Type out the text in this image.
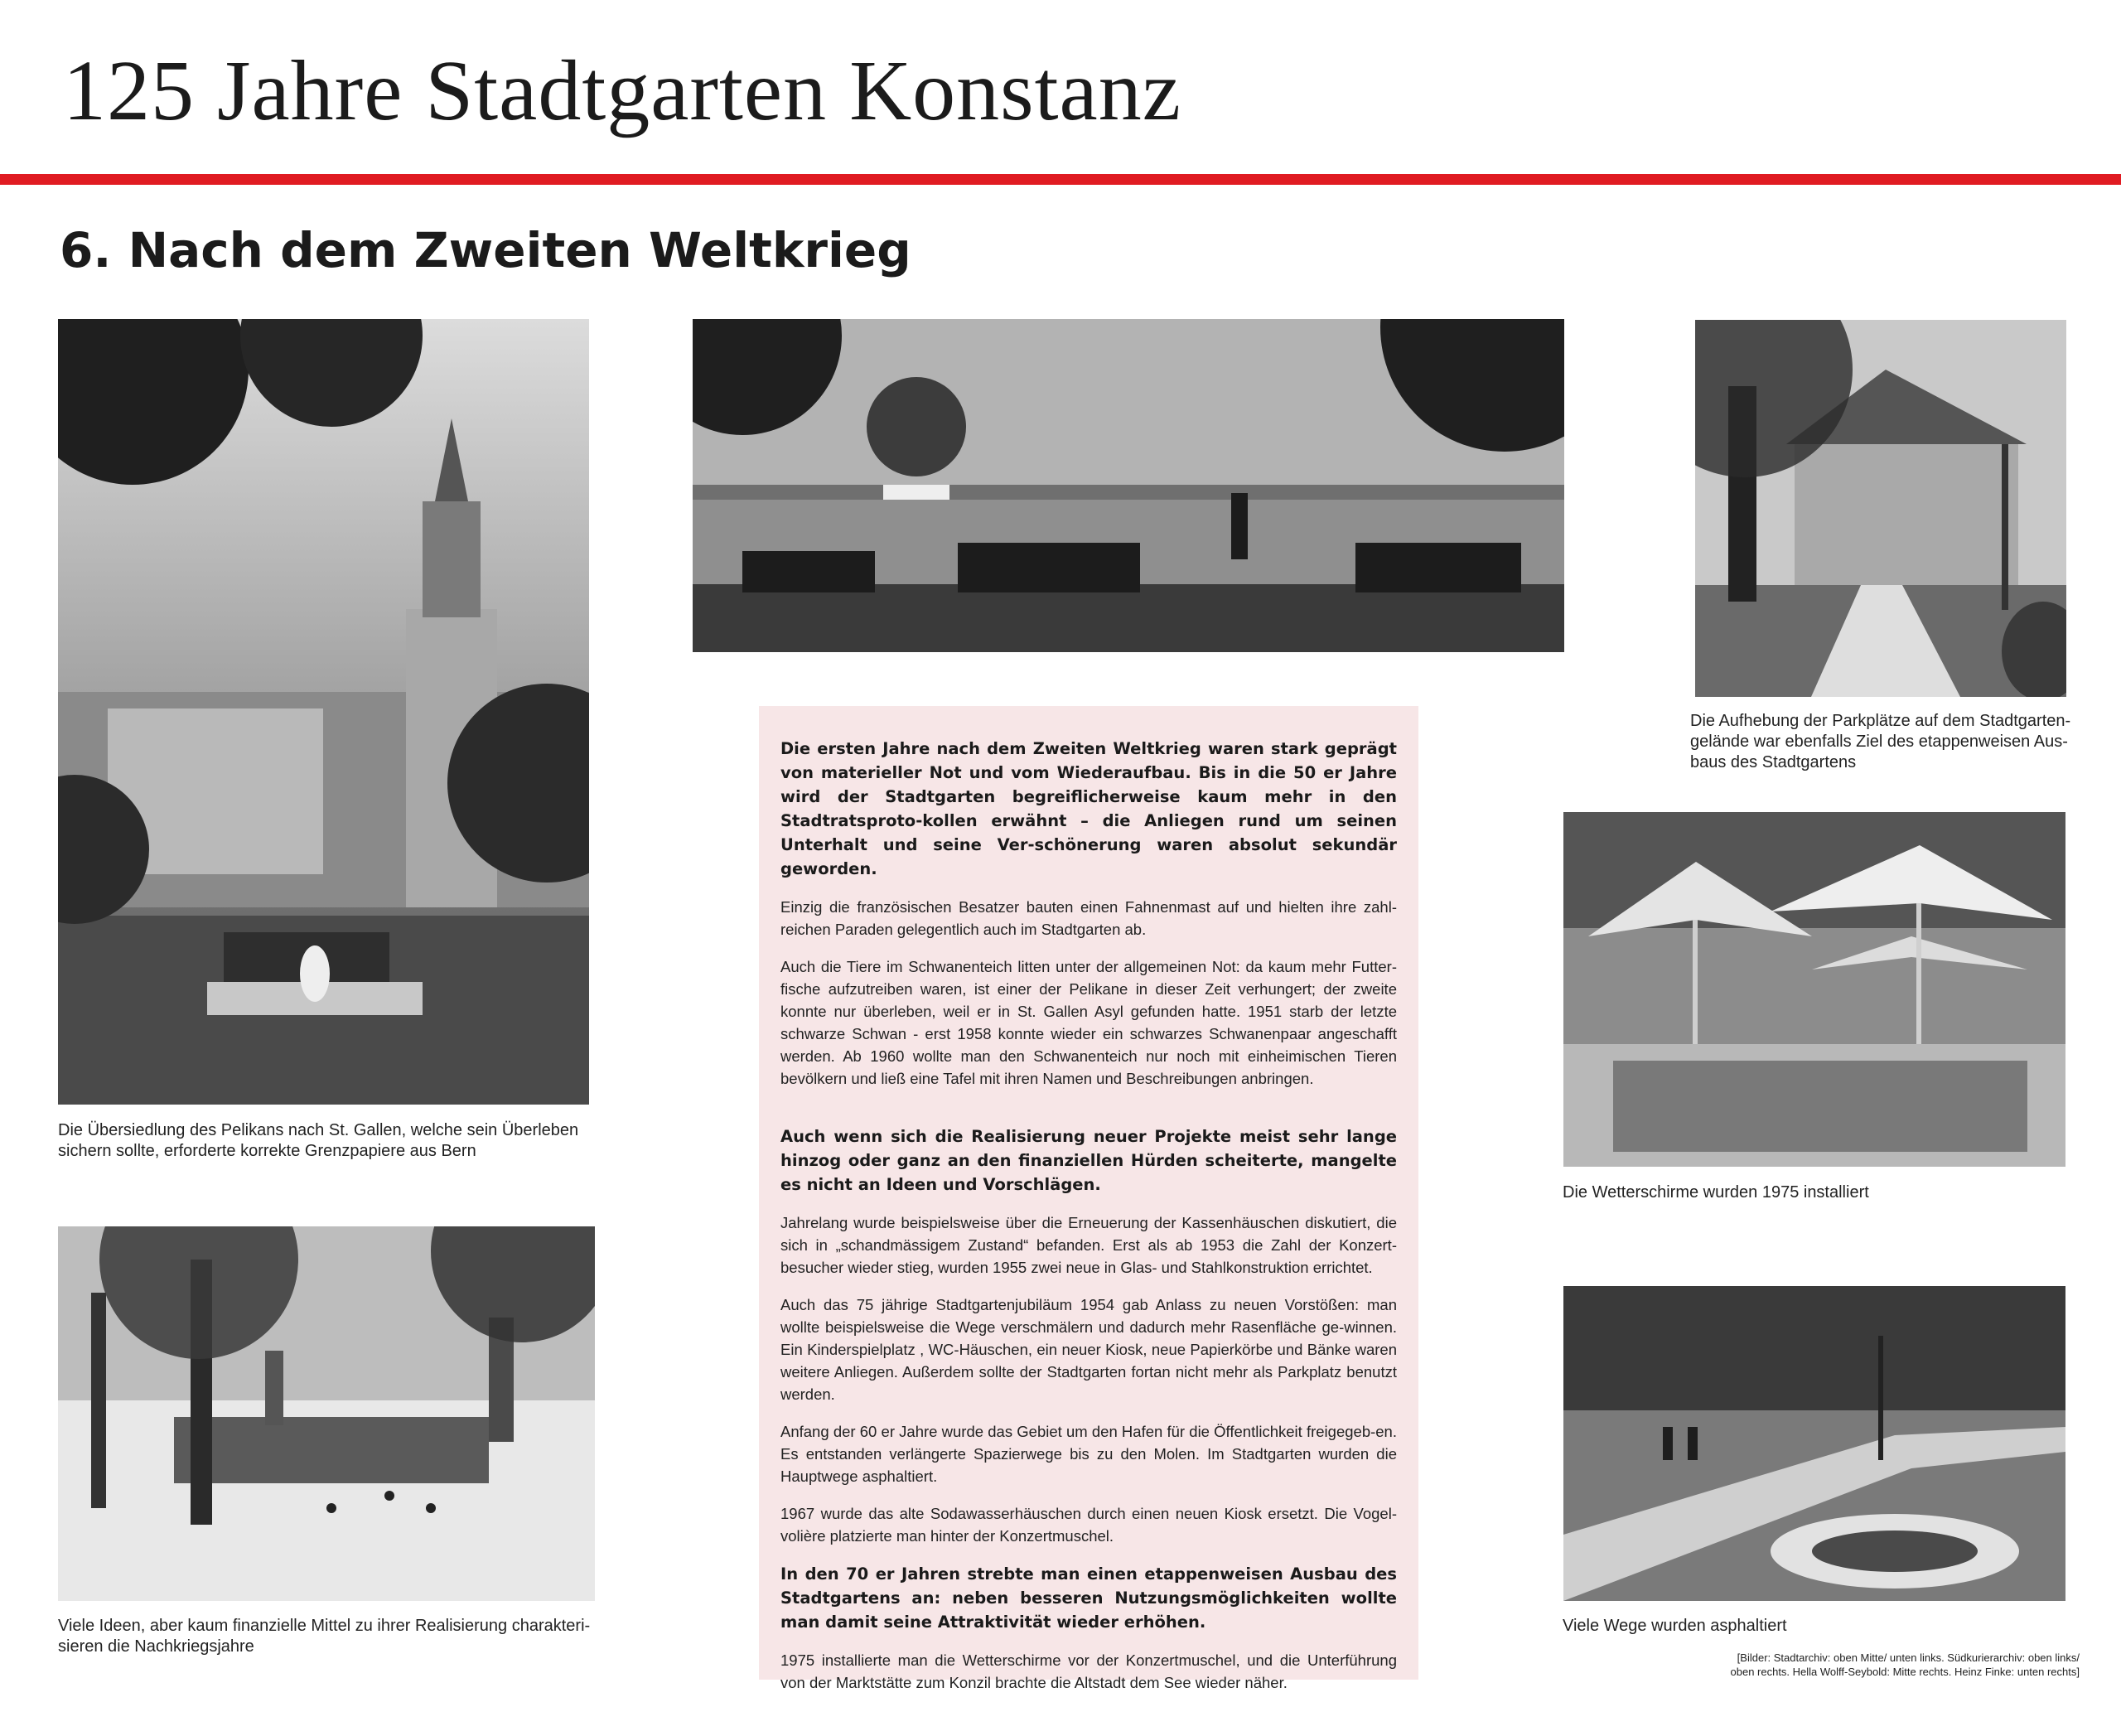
125 Jahre Stadtgarten Konstanz
6. Nach dem Zweiten Weltkrieg
Die Übersiedlung des Pelikans nach St. Gallen, welche sein Überleben sichern sollte, erforderte korrekte Grenzpapiere aus Bern
Viele Ideen, aber kaum finanzielle Mittel zu ihrer Realisierung charakteri-sieren die Nachkriegsjahre
Die Aufhebung der Parkplätze auf dem Stadtgarten-gelände war ebenfalls Ziel des etappenweisen Aus-baus des Stadtgartens
Die Wetterschirme wurden 1975 installiert
Viele Wege wurden asphaltiert

Die ersten Jahre nach dem Zweiten Weltkrieg waren stark geprägt von materieller Not und vom Wiederaufbau. Bis in die 50 er Jahre wird der Stadtgarten begreiflicherweise kaum mehr in den Stadtratsproto-kollen erwähnt – die Anliegen rund um seinen Unterhalt und seine Ver-schönerung waren absolut sekundär geworden.

Einzig die französischen Besatzer bauten einen Fahnenmast auf und hielten ihre zahl-reichen Paraden gelegentlich auch im Stadtgarten ab.

Auch die Tiere im Schwanenteich litten unter der allgemeinen Not: da kaum mehr Futter-fische aufzutreiben waren, ist einer der Pelikane in dieser Zeit verhungert; der zweite konnte nur überleben, weil er in St. Gallen Asyl gefunden hatte. 1951 starb der letzte schwarze Schwan - erst 1958 konnte wieder ein schwarzes Schwanenpaar angeschafft werden. Ab 1960 wollte man den Schwanenteich nur noch mit einheimischen Tieren bevölkern und ließ eine Tafel mit ihren Namen und Beschreibungen anbringen.

Auch wenn sich die Realisierung neuer Projekte meist sehr lange hinzog oder ganz an den finanziellen Hürden scheiterte, mangelte es nicht an Ideen und Vorschlägen.

Jahrelang wurde beispielsweise über die Erneuerung der Kassenhäuschen diskutiert, die sich in „schandmässigem Zustand“ befanden. Erst als ab 1953 die Zahl der Konzert-besucher wieder stieg, wurden 1955 zwei neue in Glas- und Stahlkonstruktion errichtet.

Auch das 75 jährige Stadtgartenjubiläum 1954 gab Anlass zu neuen Vorstößen: man wollte beispielsweise die Wege verschmälern und dadurch mehr Rasenfläche ge-winnen. Ein Kinderspielplatz , WC-Häuschen, ein neuer Kiosk, neue Papierkörbe und Bänke waren weitere Anliegen. Außerdem sollte der Stadtgarten fortan nicht mehr als Parkplatz benutzt werden.

Anfang der 60 er Jahre wurde das Gebiet um den Hafen für die Öffentlichkeit freigegeb-en. Es entstanden verlängerte Spazierwege bis zu den Molen. Im Stadtgarten wurden die Hauptwege asphaltiert.

1967 wurde das alte Sodawasserhäuschen durch einen neuen Kiosk ersetzt. Die Vogel-volière platzierte man hinter der Konzertmuschel.

In den 70 er Jahren strebte man einen etappenweisen Ausbau des Stadtgartens an: neben besseren Nutzungsmöglichkeiten wollte man damit seine Attraktivität wieder erhöhen.

1975 installierte man die Wetterschirme vor der Konzertmuschel, und die Unterführung von der Marktstätte zum Konzil brachte die Altstadt dem See wieder näher.

[Bilder: Stadtarchiv: oben Mitte/ unten links. Südkurierarchiv: oben links/
oben rechts. Hella Wolff-Seybold: Mitte rechts. Heinz Finke: unten rechts]
